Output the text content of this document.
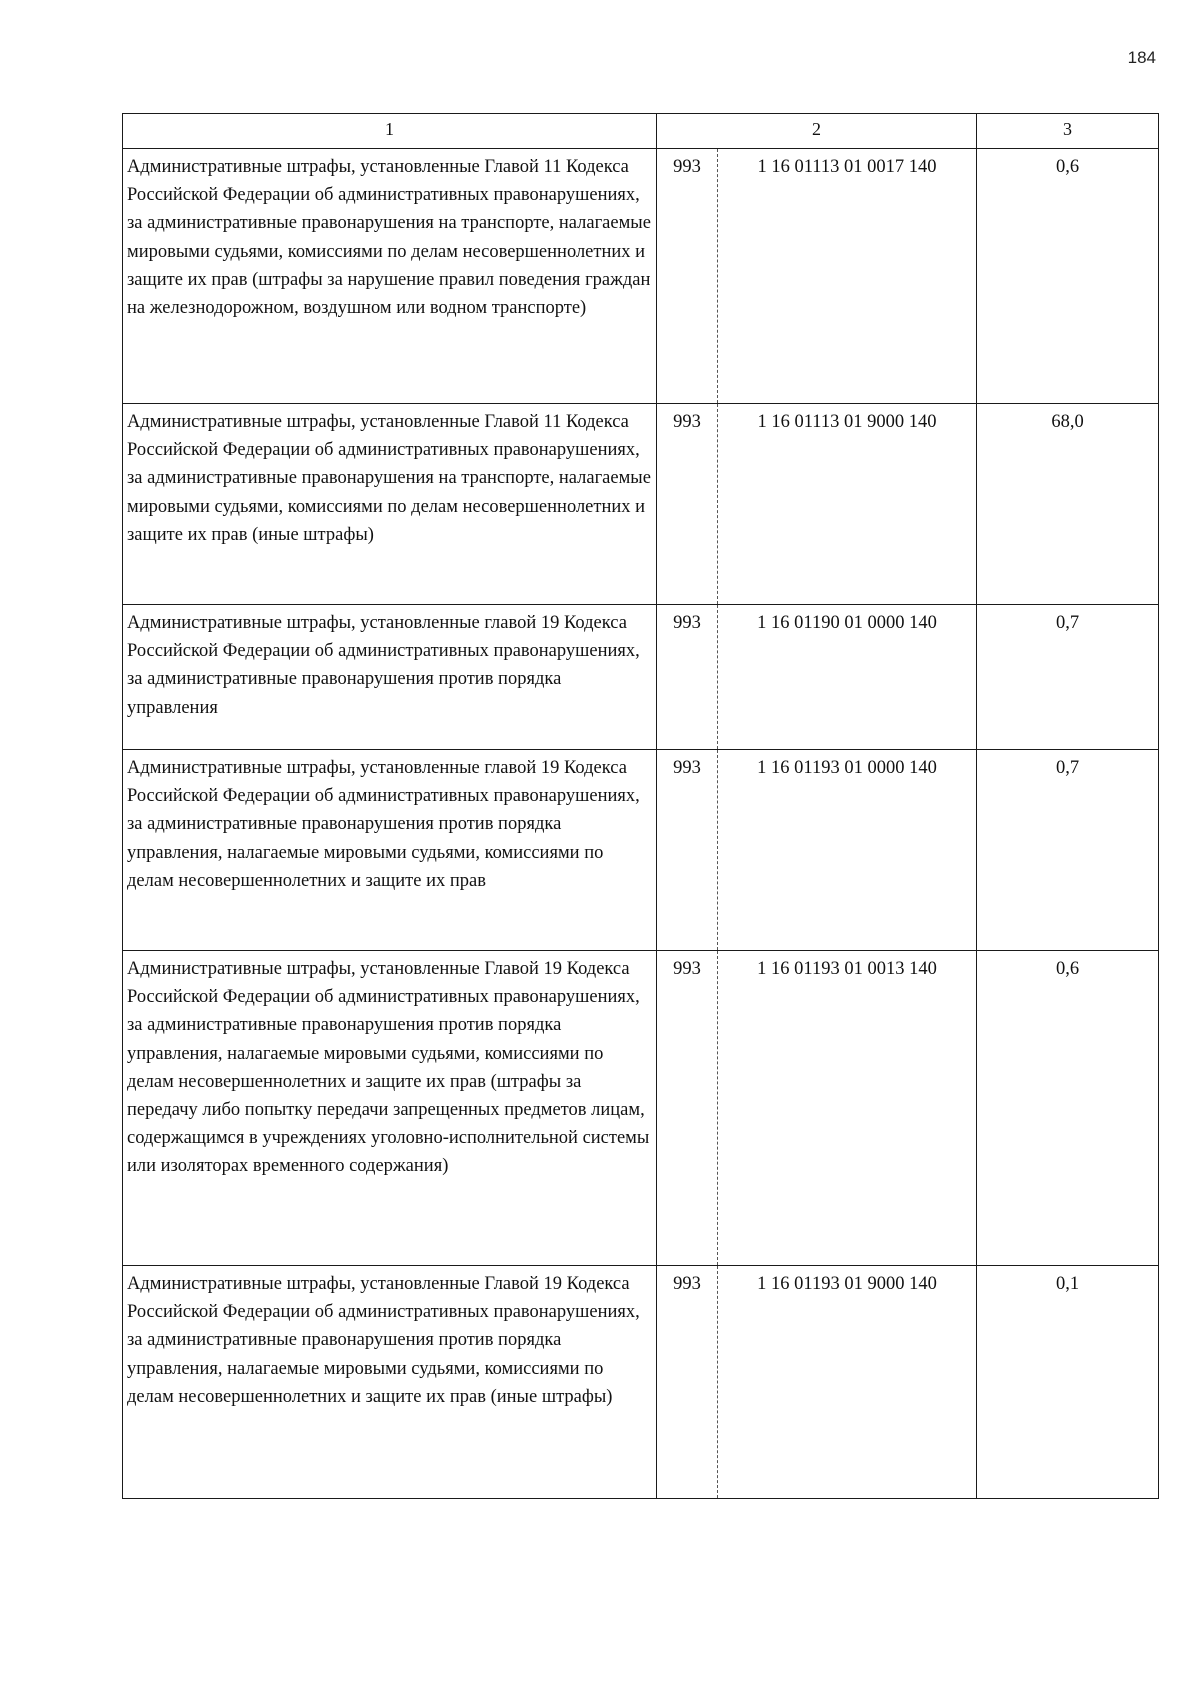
184
1	2	3
Административные штрафы, установленные Главой 11 Кодекса Российской Федерации об административных правонарушениях, за административные правонарушения на транспорте, налагаемые мировыми судьями, комиссиями по делам несовершеннолетних и защите их прав (штрафы за нарушение правил поведения граждан на железнодорожном, воздушном или водном транспорте)	993 1 16 01113 01 0017 140	0,6
Административные штрафы, установленные Главой 11 Кодекса Российской Федерации об административных правонарушениях, за административные правонарушения на транспорте, налагаемые мировыми судьями, комиссиями по делам несовершеннолетних и защите их прав (иные штрафы)	993 1 16 01113 01 9000 140	68,0
Административные штрафы, установленные главой 19 Кодекса Российской Федерации об административных правонарушениях, за административные правонарушения против порядка управления	993 1 16 01190 01 0000 140	0,7
Административные штрафы, установленные главой 19 Кодекса Российской Федерации об административных правонарушениях, за административные правонарушения против порядка управления, налагаемые мировыми судьями, комиссиями по делам несовершеннолетних и защите их прав	993 1 16 01193 01 0000 140	0,7
Административные штрафы, установленные Главой 19 Кодекса Российской Федерации об административных правонарушениях, за административные правонарушения против порядка управления, налагаемые мировыми судьями, комиссиями по делам несовершеннолетних и защите их прав (штрафы за передачу либо попытку передачи запрещенных предметов лицам, содержащимся в учреждениях уголовно-исполнительной системы или изоляторах временного содержания)	993 1 16 01193 01 0013 140	0,6
Административные штрафы, установленные Главой 19 Кодекса Российской Федерации об административных правонарушениях, за административные правонарушения против порядка управления, налагаемые мировыми судьями, комиссиями по делам несовершеннолетних и защите их прав (иные штрафы)	993 1 16 01193 01 9000 140	0,1
